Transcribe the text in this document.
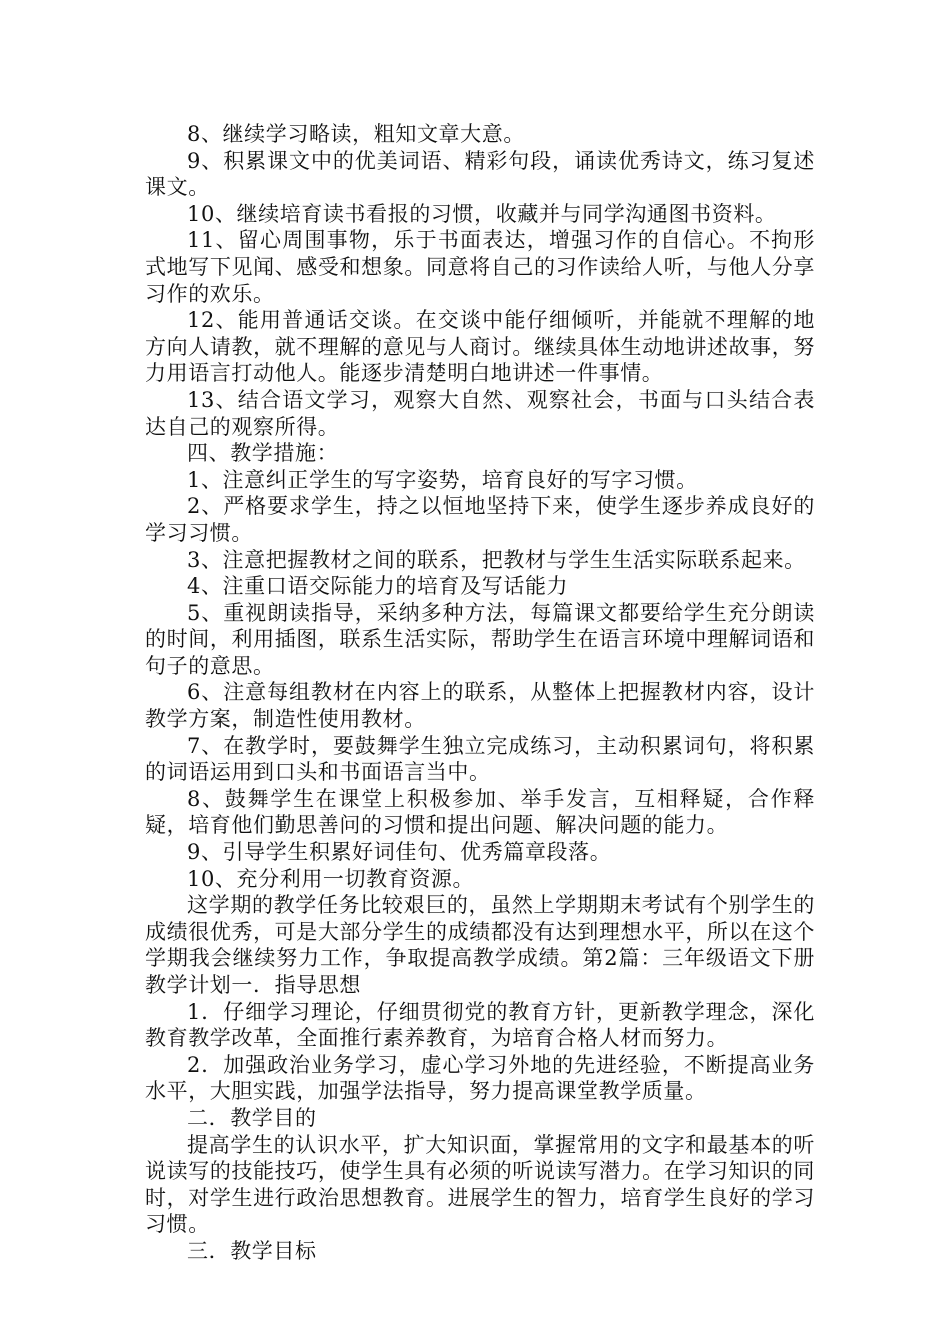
8、继续学习略读，粗知文章大意。

9、积累课文中的优美词语、精彩句段，诵读优秀诗文，练习复述课文。

10、继续培育读书看报的习惯，收藏并与同学沟通图书资料。

11、留心周围事物，乐于书面表达，增强习作的自信心。不拘形式地写下见闻、感受和想象。同意将自己的习作读给人听，与他人分享习作的欢乐。

12、能用普通话交谈。在交谈中能仔细倾听，并能就不理解的地方向人请教，就不理解的意见与人商讨。继续具体生动地讲述故事，努力用语言打动他人。能逐步清楚明白地讲述一件事情。

13、结合语文学习，观察大自然、观察社会，书面与口头结合表达自己的观察所得。

四、教学措施：

1、注意纠正学生的写字姿势，培育良好的写字习惯。

2、严格要求学生，持之以恒地坚持下来，使学生逐步养成良好的学习习惯。

3、注意把握教材之间的联系，把教材与学生生活实际联系起来。

4、注重口语交际能力的培育及写话能力

5、重视朗读指导，采纳多种方法，每篇课文都要给学生充分朗读的时间，利用插图，联系生活实际，帮助学生在语言环境中理解词语和句子的意思。

6、注意每组教材在内容上的联系，从整体上把握教材内容，设计教学方案，制造性使用教材。

7、在教学时，要鼓舞学生独立完成练习，主动积累词句，将积累的词语运用到口头和书面语言当中。

8、鼓舞学生在课堂上积极参加、举手发言，互相释疑，合作释疑，培育他们勤思善问的习惯和提出问题、解决问题的能力。

9、引导学生积累好词佳句、优秀篇章段落。

10、充分利用一切教育资源。

这学期的教学任务比较艰巨的，虽然上学期期末考试有个别学生的成绩很优秀，可是大部分学生的成绩都没有达到理想水平，所以在这个学期我会继续努力工作，争取提高教学成绩。第2篇：三年级语文下册教学计划一．指导思想

1．仔细学习理论，仔细贯彻党的教育方针，更新教学理念，深化教育教学改革，全面推行素养教育，为培育合格人材而努力。

2．加强政治业务学习，虚心学习外地的先进经验，不断提高业务水平，大胆实践，加强学法指导，努力提高课堂教学质量。

二．教学目的

提高学生的认识水平，扩大知识面，掌握常用的文字和最基本的听说读写的技能技巧，使学生具有必须的听说读写潜力。在学习知识的同时，对学生进行政治思想教育。进展学生的智力，培育学生良好的学习习惯。

三．教学目标
